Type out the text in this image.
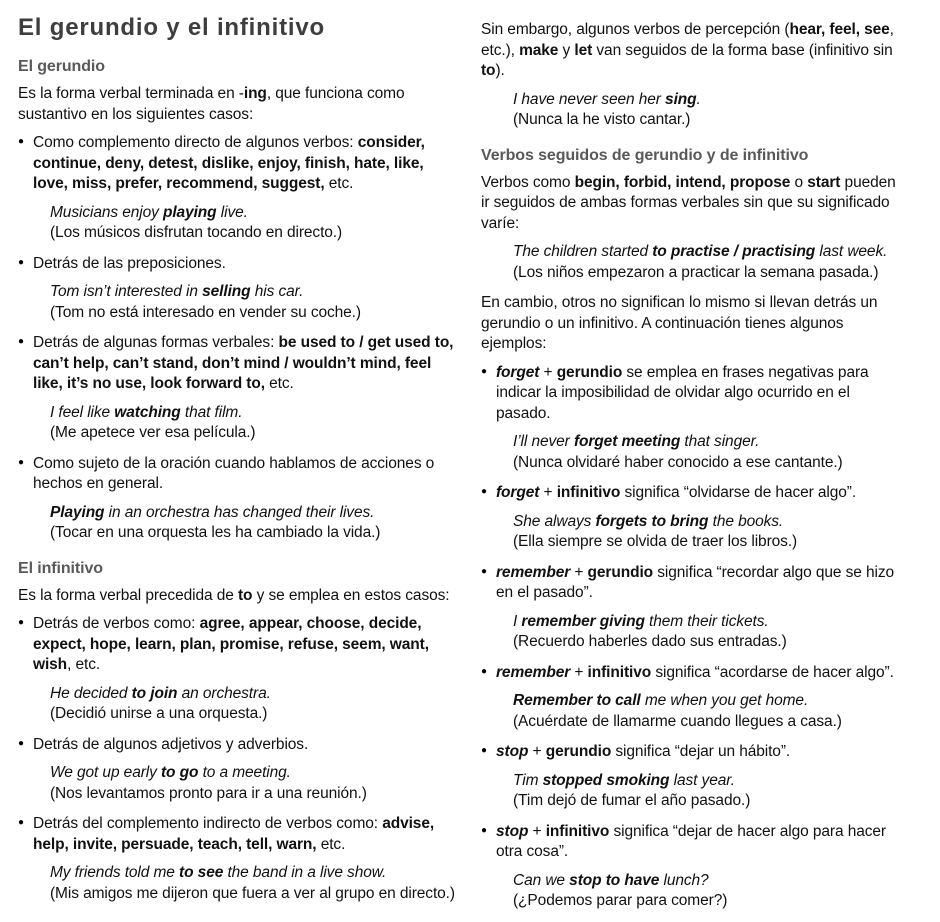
El gerundio y el infinitivo
El gerundio

Es la forma verbal terminada en -ing, que funciona como sustantivo en los siguientes casos:

● Como complemento directo de algunos verbos: consider, continue, deny, detest, dislike, enjoy, finish, hate, like, love, miss, prefer, recommend, suggest, etc.
Musicians enjoy playing live.
(Los músicos disfrutan tocando en directo.)
● Detrás de las preposiciones.
Tom isn’t interested in selling his car.
(Tom no está interesado en vender su coche.)
● Detrás de algunas formas verbales: be used to / get used to, can’t help, can’t stand, don’t mind / wouldn’t mind, feel like, it’s no use, look forward to, etc.
I feel like watching that film.
(Me apetece ver esa película.)
● Como sujeto de la oración cuando hablamos de acciones o hechos en general.
Playing in an orchestra has changed their lives.
(Tocar en una orquesta les ha cambiado la vida.)
El infinitivo

Es la forma verbal precedida de to y se emplea en estos casos:

● Detrás de verbos como: agree, appear, choose, decide, expect, hope, learn, plan, promise, refuse, seem, want, wish, etc.
He decided to join an orchestra.
(Decidió unirse a una orquesta.)
● Detrás de algunos adjetivos y adverbios.
We got up early to go to a meeting.
(Nos levantamos pronto para ir a una reunión.)
● Detrás del complemento indirecto de verbos como: advise, help, invite, persuade, teach, tell, warn, etc.
My friends told me to see the band in a live show.
(Mis amigos me dijeron que fuera a ver al grupo en directo.)

Sin embargo, algunos verbos de percepción (hear, feel, see, etc.), make y let van seguidos de la forma base (infinitivo sin to).

I have never seen her sing.
(Nunca la he visto cantar.)
Verbos seguidos de gerundio y de infinitivo

Verbos como begin, forbid, intend, propose o start pueden ir seguidos de ambas formas verbales sin que su significado varíe:

The children started to practise / practising last week.
(Los niños empezaron a practicar la semana pasada.)

En cambio, otros no significan lo mismo si llevan detrás un gerundio o un infinitivo. A continuación tienes algunos ejemplos:

● forget + gerundio se emplea en frases negativas para indicar la imposibilidad de olvidar algo ocurrido en el pasado.
I’ll never forget meeting that singer.
(Nunca olvidaré haber conocido a ese cantante.)
● forget + infinitivo significa “olvidarse de hacer algo”.
She always forgets to bring the books.
(Ella siempre se olvida de traer los libros.)
● remember + gerundio significa “recordar algo que se hizo en el pasado”.
I remember giving them their tickets.
(Recuerdo haberles dado sus entradas.)
● remember + infinitivo significa “acordarse de hacer algo”.
Remember to call me when you get home.
(Acuérdate de llamarme cuando llegues a casa.)
● stop + gerundio significa “dejar un hábito”.
Tim stopped smoking last year.
(Tim dejó de fumar el año pasado.)
● stop + infinitivo significa “dejar de hacer algo para hacer otra cosa”.
Can we stop to have lunch?
(¿Podemos parar para comer?)
